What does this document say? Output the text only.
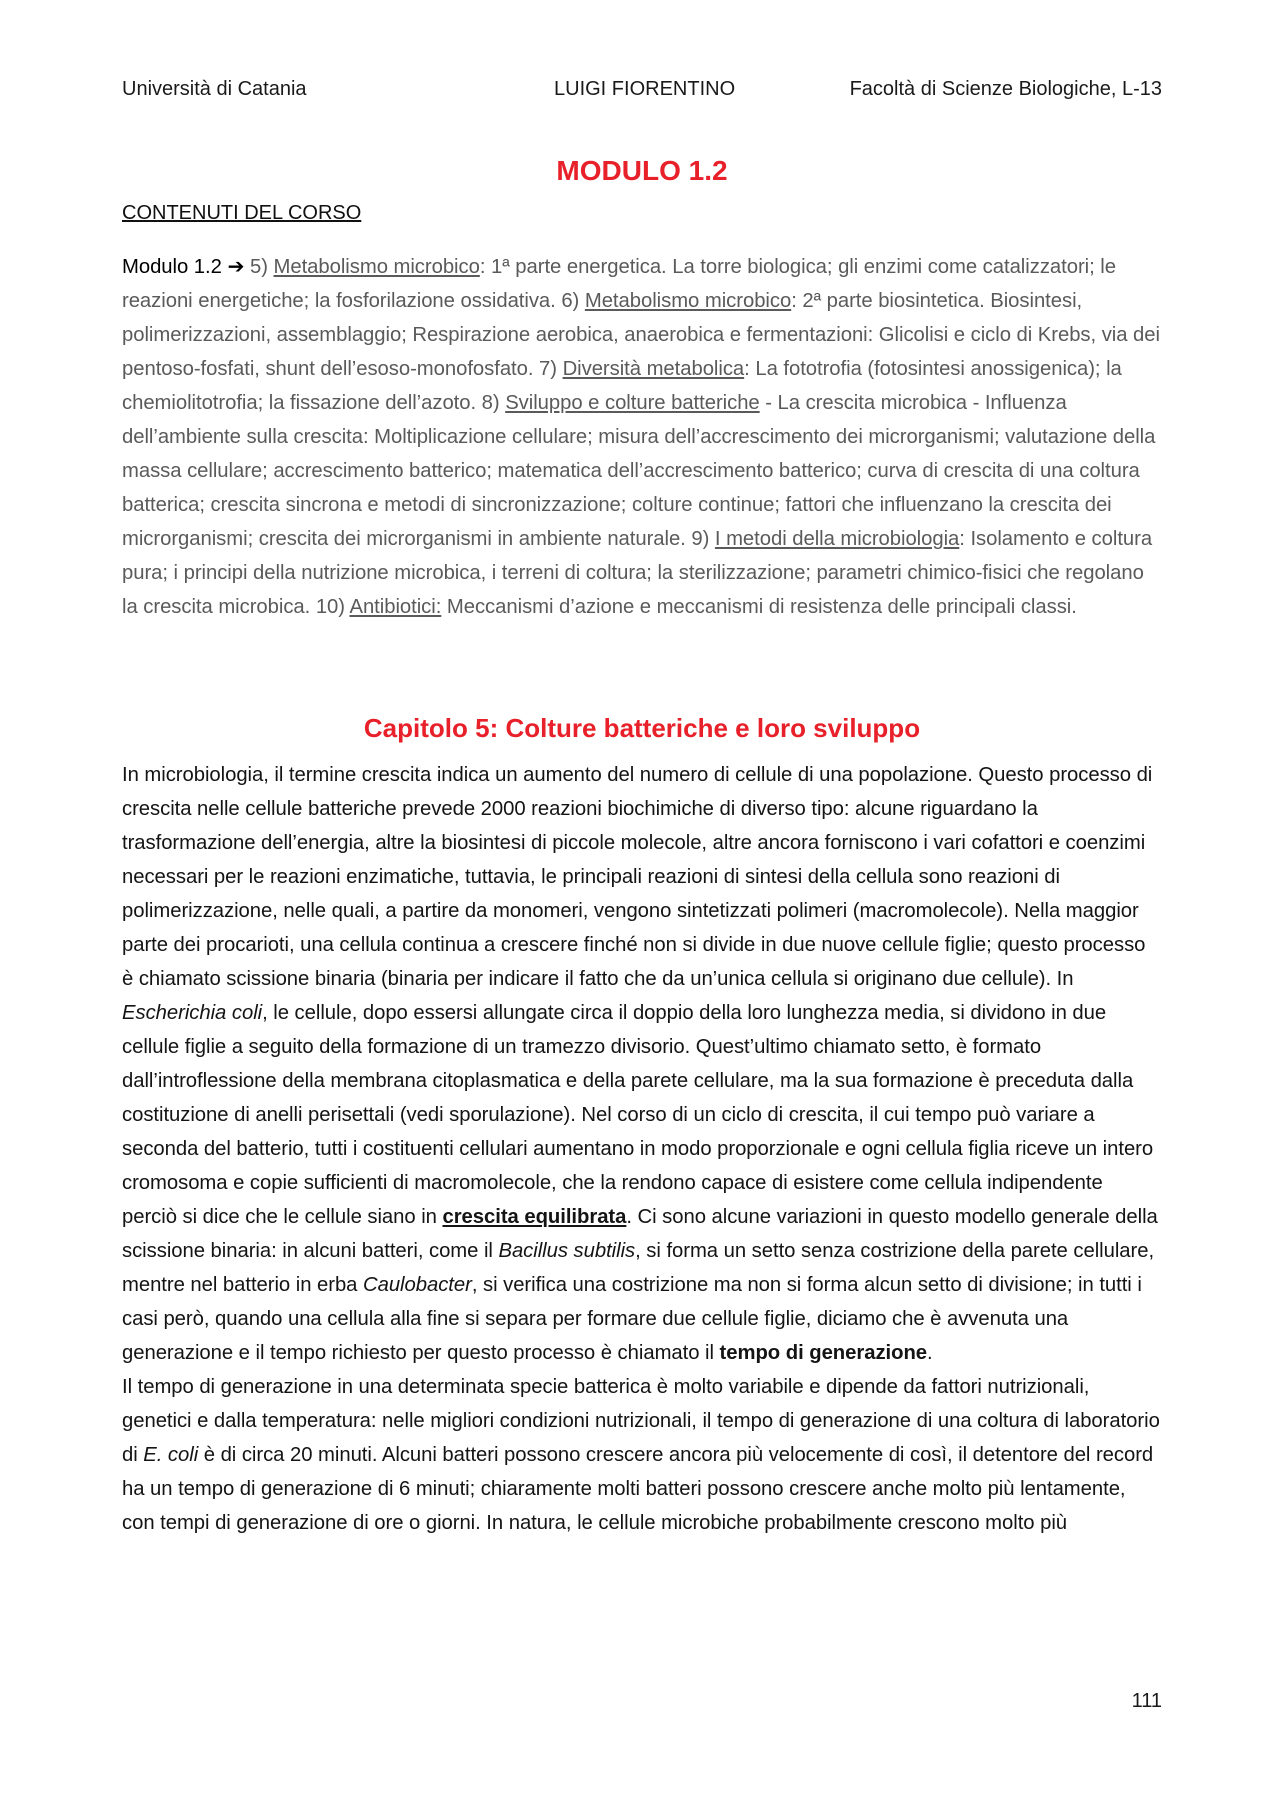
Università di Catania	LUIGI FIORENTINO	Facoltà di Scienze Biologiche, L-13
MODULO 1.2
CONTENUTI DEL CORSO
Modulo 1.2 ➔ 5) Metabolismo microbico: 1ª parte energetica. La torre biologica; gli enzimi come catalizzatori; le reazioni energetiche; la fosforilazione ossidativa. 6) Metabolismo microbico: 2ª parte biosintetica. Biosintesi, polimerizzazioni, assemblaggio; Respirazione aerobica, anaerobica e fermentazioni: Glicolisi e ciclo di Krebs, via dei pentoso-fosfati, shunt dell’esoso-monofosfato. 7) Diversità metabolica: La fototrofia (fotosintesi anossigenica); la chemiolitotrofia; la fissazione dell’azoto. 8) Sviluppo e colture batteriche - La crescita microbica - Influenza dell’ambiente sulla crescita: Moltiplicazione cellulare; misura dell’accrescimento dei microrganismi; valutazione della massa cellulare; accrescimento batterico; matematica dell’accrescimento batterico; curva di crescita di una coltura batterica; crescita sincrona e metodi di sincronizzazione; colture continue; fattori che influenzano la crescita dei microrganismi; crescita dei microrganismi in ambiente naturale. 9) I metodi della microbiologia: Isolamento e coltura pura; i principi della nutrizione microbica, i terreni di coltura; la sterilizzazione; parametri chimico-fisici che regolano la crescita microbica. 10) Antibiotici: Meccanismi d’azione e meccanismi di resistenza delle principali classi.
Capitolo 5: Colture batteriche e loro sviluppo
In microbiologia, il termine crescita indica un aumento del numero di cellule di una popolazione. Questo processo di crescita nelle cellule batteriche prevede 2000 reazioni biochimiche di diverso tipo: alcune riguardano la trasformazione dell’energia, altre la biosintesi di piccole molecole, altre ancora forniscono i vari cofattori e coenzimi necessari per le reazioni enzimatiche, tuttavia, le principali reazioni di sintesi della cellula sono reazioni di polimerizzazione, nelle quali, a partire da monomeri, vengono sintetizzati polimeri (macromolecole). Nella maggior parte dei procarioti, una cellula continua a crescere finché non si divide in due nuove cellule figlie; questo processo è chiamato scissione binaria (binaria per indicare il fatto che da un’unica cellula si originano due cellule). In Escherichia coli, le cellule, dopo essersi allungate circa il doppio della loro lunghezza media, si dividono in due cellule figlie a seguito della formazione di un tramezzo divisorio. Quest’ultimo chiamato setto, è formato dall’introflessione della membrana citoplasmatica e della parete cellulare, ma la sua formazione è preceduta dalla costituzione di anelli perisettali (vedi sporulazione). Nel corso di un ciclo di crescita, il cui tempo può variare a seconda del batterio, tutti i costituenti cellulari aumentano in modo proporzionale e ogni cellula figlia riceve un intero cromosoma e copie sufficienti di macromolecole, che la rendono capace di esistere come cellula indipendente perciò si dice che le cellule siano in crescita equilibrata. Ci sono alcune variazioni in questo modello generale della scissione binaria: in alcuni batteri, come il Bacillus subtilis, si forma un setto senza costrizione della parete cellulare, mentre nel batterio in erba Caulobacter, si verifica una costrizione ma non si forma alcun setto di divisione; in tutti i casi però, quando una cellula alla fine si separa per formare due cellule figlie, diciamo che è avvenuta una generazione e il tempo richiesto per questo processo è chiamato il tempo di generazione.
Il tempo di generazione in una determinata specie batterica è molto variabile e dipende da fattori nutrizionali, genetici e dalla temperatura: nelle migliori condizioni nutrizionali, il tempo di generazione di una coltura di laboratorio di E. coli è di circa 20 minuti. Alcuni batteri possono crescere ancora più velocemente di così, il detentore del record ha un tempo di generazione di 6 minuti; chiaramente molti batteri possono crescere anche molto più lentamente, con tempi di generazione di ore o giorni. In natura, le cellule microbiche probabilmente crescono molto più
111
